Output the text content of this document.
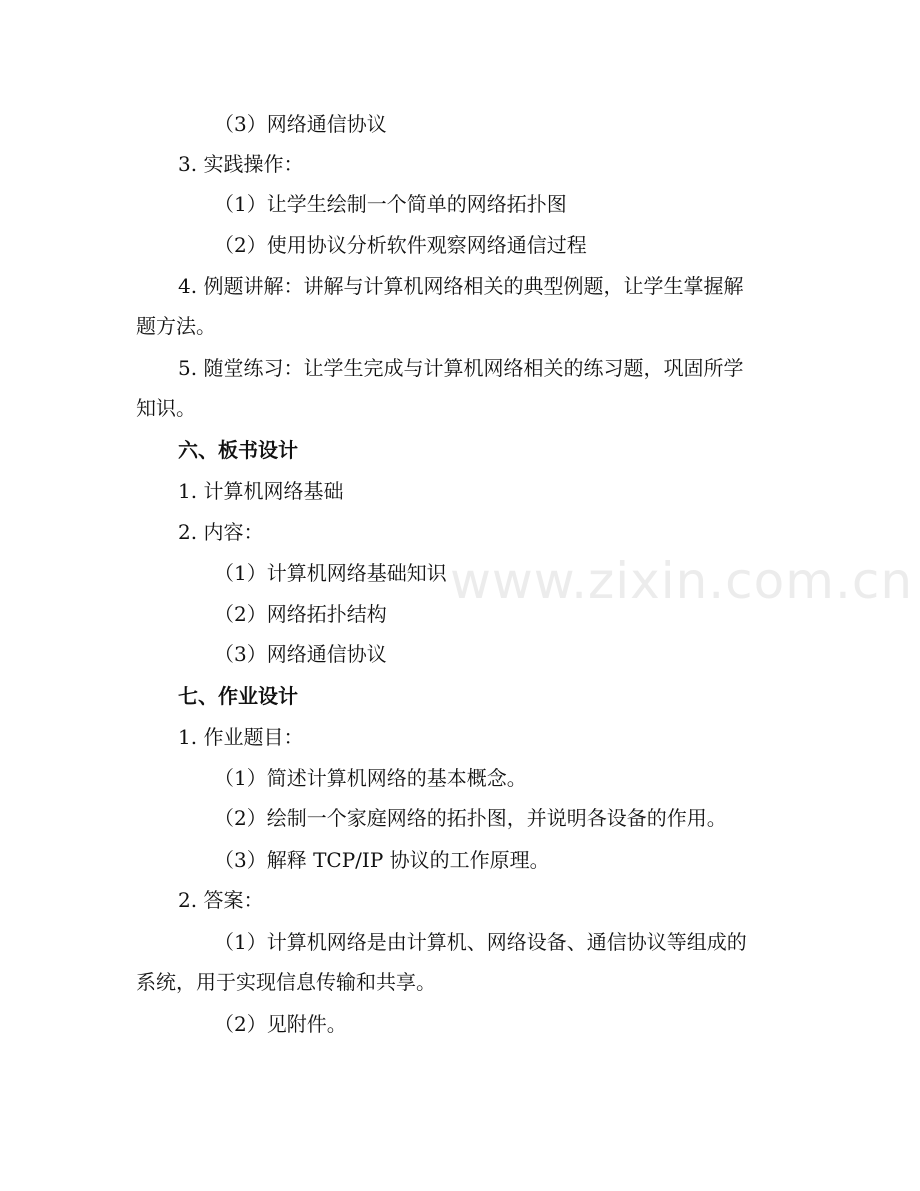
www.zixin.com.cn
（3）网络通信协议
3. 实践操作：
（1）让学生绘制一个简单的网络拓扑图
（2）使用协议分析软件观察网络通信过程
4. 例题讲解：讲解与计算机网络相关的典型例题，让学生掌握解
题方法。
5. 随堂练习：让学生完成与计算机网络相关的练习题，巩固所学
知识。
六、板书设计
1. 计算机网络基础
2. 内容：
（1）计算机网络基础知识
（2）网络拓扑结构
（3）网络通信协议
七、作业设计
1. 作业题目：
（1）简述计算机网络的基本概念。
（2）绘制一个家庭网络的拓扑图，并说明各设备的作用。
（3）解释 TCP/IP 协议的工作原理。
2. 答案：
（1）计算机网络是由计算机、网络设备、通信协议等组成的
系统，用于实现信息传输和共享。
（2）见附件。
